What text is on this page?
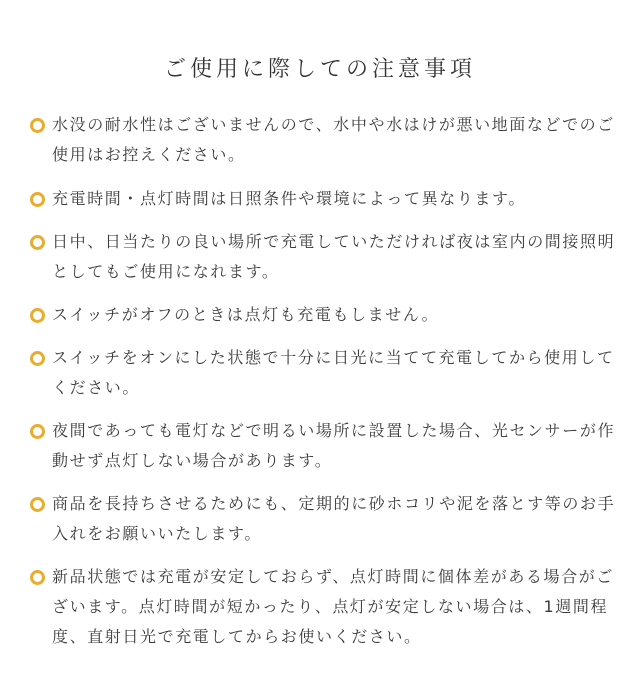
ご使用に際しての注意事項
水没の耐水性はございませんので、水中や水はけが悪い地面などでのご使用はお控えください。
充電時間・点灯時間は日照条件や環境によって異なります。
日中、日当たりの良い場所で充電していただければ夜は室内の間接照明としてもご使用になれます。
スイッチがオフのときは点灯も充電もしません。
スイッチをオンにした状態で十分に日光に当てて充電してから使用してください。
夜間であっても電灯などで明るい場所に設置した場合、光センサーが作動せず点灯しない場合があります。
商品を長持ちさせるためにも、定期的に砂ホコリや泥を落とす等のお手入れをお願いいたします。
新品状態では充電が安定しておらず、点灯時間に個体差がある場合がございます。点灯時間が短かったり、点灯が安定しない場合は、1週間程度、直射日光で充電してからお使いください。
